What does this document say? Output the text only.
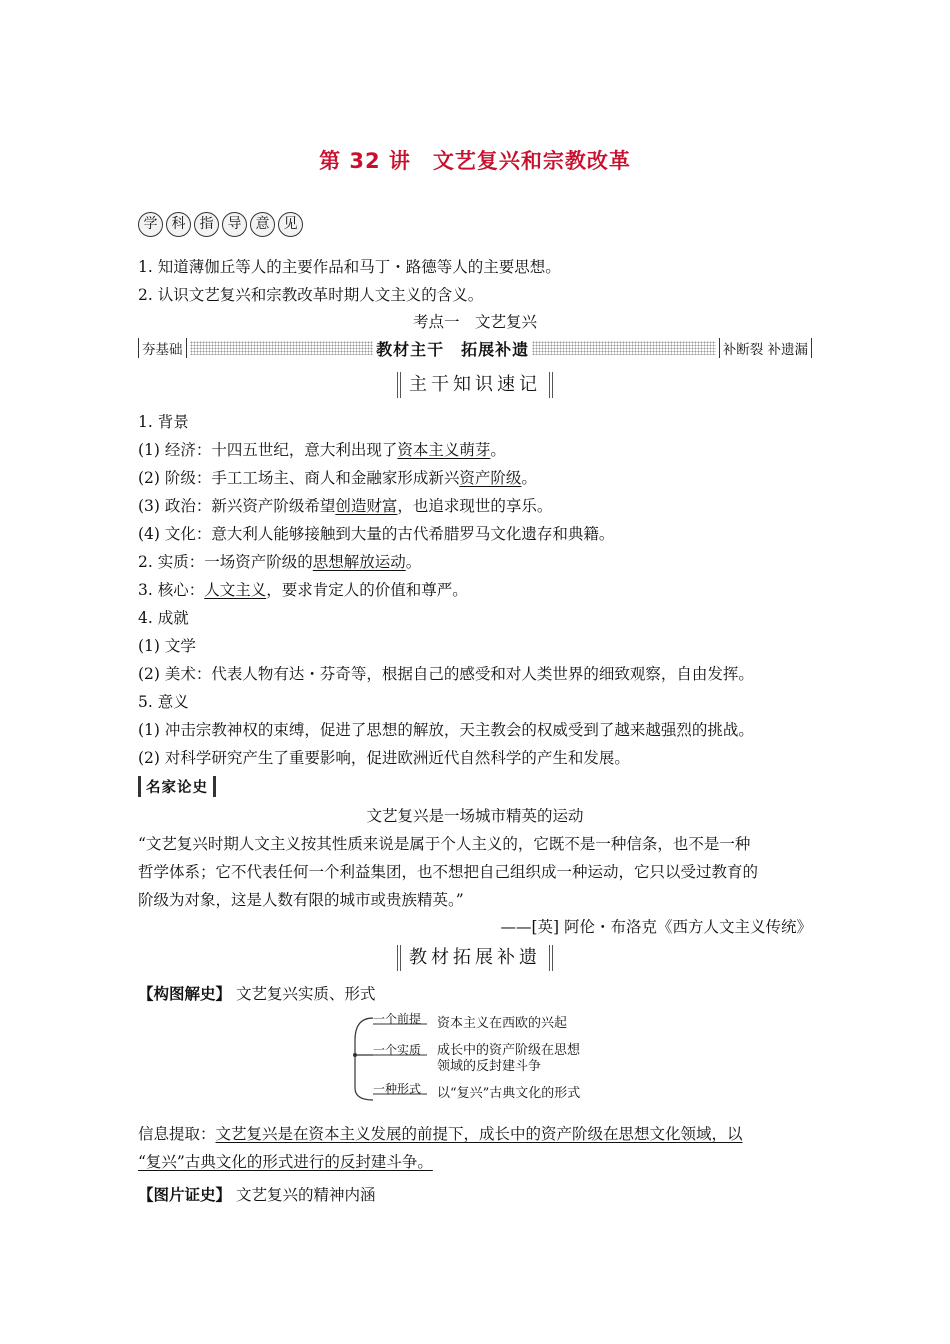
第 32 讲　文艺复兴和宗教改革
学	科	指	导	意	见
1. 知道薄伽丘等人的主要作品和马丁・路德等人的主要思想。
2. 认识文艺复兴和宗教改革时期人文主义的含义。
考点一　文艺复兴
夯基础	教材主干　拓展补遗	补断裂 补遗漏
主干知识速记
1. 背景
(1) 经济：十四五世纪，意大利出现了资本主义萌芽。
(2) 阶级：手工工场主、商人和金融家形成新兴资产阶级。
(3) 政治：新兴资产阶级希望创造财富，也追求现世的享乐。
(4) 文化：意大利人能够接触到大量的古代希腊罗马文化遗存和典籍。
2. 实质：一场资产阶级的思想解放运动。
3. 核心：人文主义，要求肯定人的价值和尊严。
4. 成就
(1) 文学
(2) 美术：代表人物有达・芬奇等，根据自己的感受和对人类世界的细致观察，自由发挥。
5. 意义
(1) 冲击宗教神权的束缚，促进了思想的解放，天主教会的权威受到了越来越强烈的挑战。
(2) 对科学研究产生了重要影响，促进欧洲近代自然科学的产生和发展。
名家论史
文艺复兴是一场城市精英的运动
“文艺复兴时期人文主义按其性质来说是属于个人主义的，它既不是一种信条，也不是一种
哲学体系；它不代表任何一个利益集团，也不想把自己组织成一种运动，它只以受过教育的
阶级为对象，这是人数有限的城市或贵族精英。”
——[英] 阿伦・布洛克《西方人文主义传统》
教材拓展补遗
【构图解史】 文艺复兴实质、形式
一个前提 资本主义在西欧的兴起
一个实质 成长中的资产阶级在思想
领域的反封建斗争
一种形式 以“复兴”古典文化的形式
信息提取：文艺复兴是在资本主义发展的前提下，成长中的资产阶级在思想文化领域，以
“复兴”古典文化的形式进行的反封建斗争。
【图片证史】 文艺复兴的精神内涵
